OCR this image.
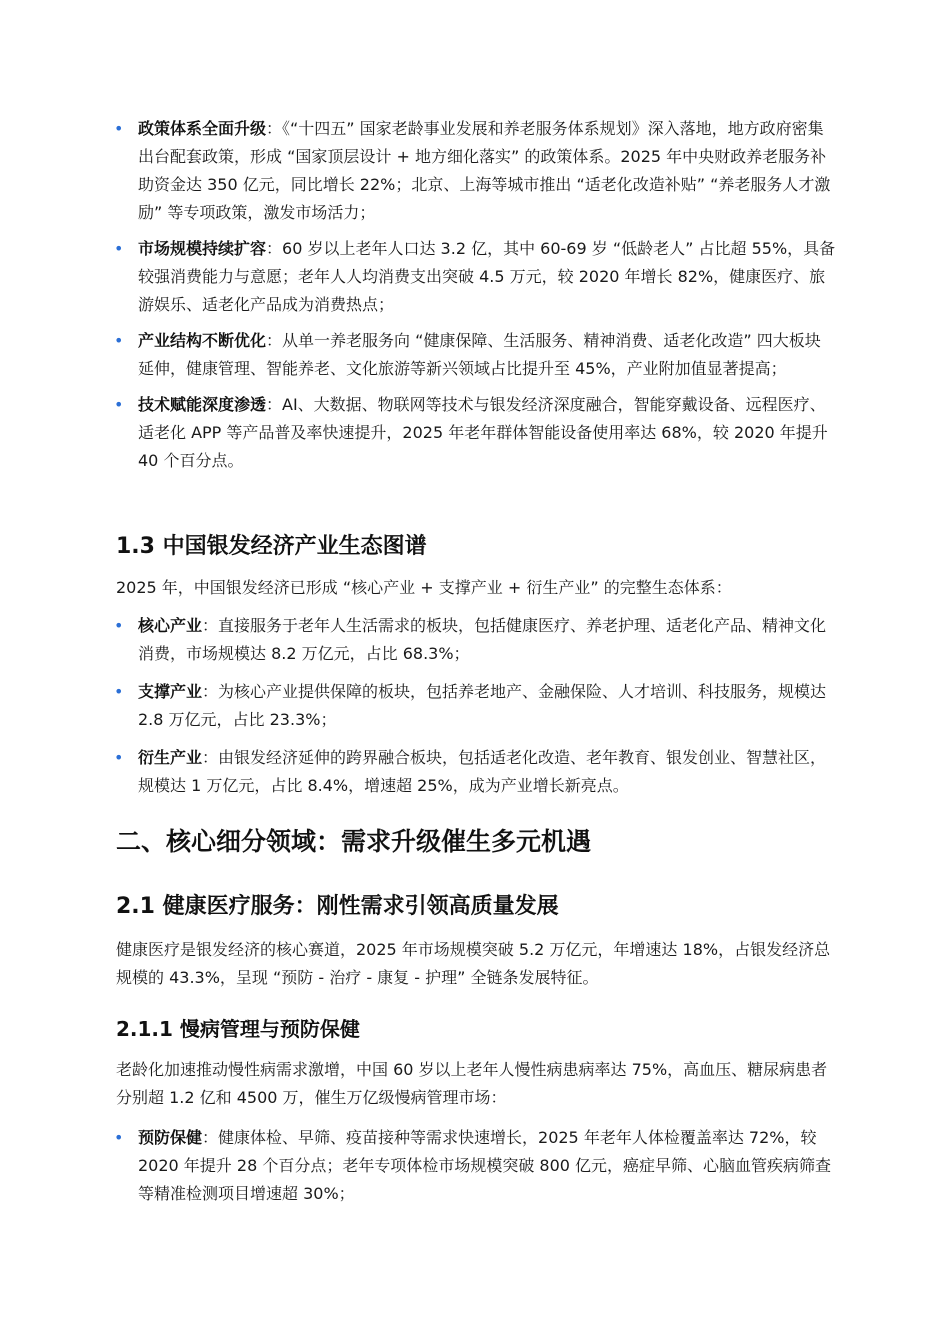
• 政策体系全面升级：《“十四五” 国家老龄事业发展和养老服务体系规划》深入落地，地方政府密集出台配套政策，形成 “国家顶层设计 + 地方细化落实” 的政策体系。2025 年中央财政养老服务补助资金达 350 亿元，同比增长 22%；北京、上海等城市推出 “适老化改造补贴” “养老服务人才激励” 等专项政策，激发市场活力；
• 市场规模持续扩容：60 岁以上老年人口达 3.2 亿，其中 60-69 岁 “低龄老人” 占比超 55%，具备较强消费能力与意愿；老年人人均消费支出突破 4.5 万元，较 2020 年增长 82%，健康医疗、旅游娱乐、适老化产品成为消费热点；
• 产业结构不断优化：从单一养老服务向 “健康保障、生活服务、精神消费、适老化改造” 四大板块延伸，健康管理、智能养老、文化旅游等新兴领域占比提升至 45%，产业附加值显著提高；
• 技术赋能深度渗透：AI、大数据、物联网等技术与银发经济深度融合，智能穿戴设备、远程医疗、适老化 APP 等产品普及率快速提升，2025 年老年群体智能设备使用率达 68%，较 2020 年提升 40 个百分点。
1.3 中国银发经济产业生态图谱
2025 年，中国银发经济已形成 “核心产业 + 支撑产业 + 衍生产业” 的完整生态体系：
• 核心产业：直接服务于老年人生活需求的板块，包括健康医疗、养老护理、适老化产品、精神文化消费，市场规模达 8.2 万亿元，占比 68.3%；
• 支撑产业：为核心产业提供保障的板块，包括养老地产、金融保险、人才培训、科技服务，规模达 2.8 万亿元，占比 23.3%；
• 衍生产业：由银发经济延伸的跨界融合板块，包括适老化改造、老年教育、银发创业、智慧社区，规模达 1 万亿元，占比 8.4%，增速超 25%，成为产业增长新亮点。
二、核心细分领域：需求升级催生多元机遇
2.1 健康医疗服务：刚性需求引领高质量发展
健康医疗是银发经济的核心赛道，2025 年市场规模突破 5.2 万亿元，年增速达 18%，占银发经济总规模的 43.3%，呈现 “预防 - 治疗 - 康复 - 护理” 全链条发展特征。
2.1.1 慢病管理与预防保健
老龄化加速推动慢性病需求激增，中国 60 岁以上老年人慢性病患病率达 75%，高血压、糖尿病患者分别超 1.2 亿和 4500 万，催生万亿级慢病管理市场：
• 预防保健：健康体检、早筛、疫苗接种等需求快速增长，2025 年老年人体检覆盖率达 72%，较 2020 年提升 28 个百分点；老年专项体检市场规模突破 800 亿元，癌症早筛、心脑血管疾病筛查等精准检测项目增速超 30%；
